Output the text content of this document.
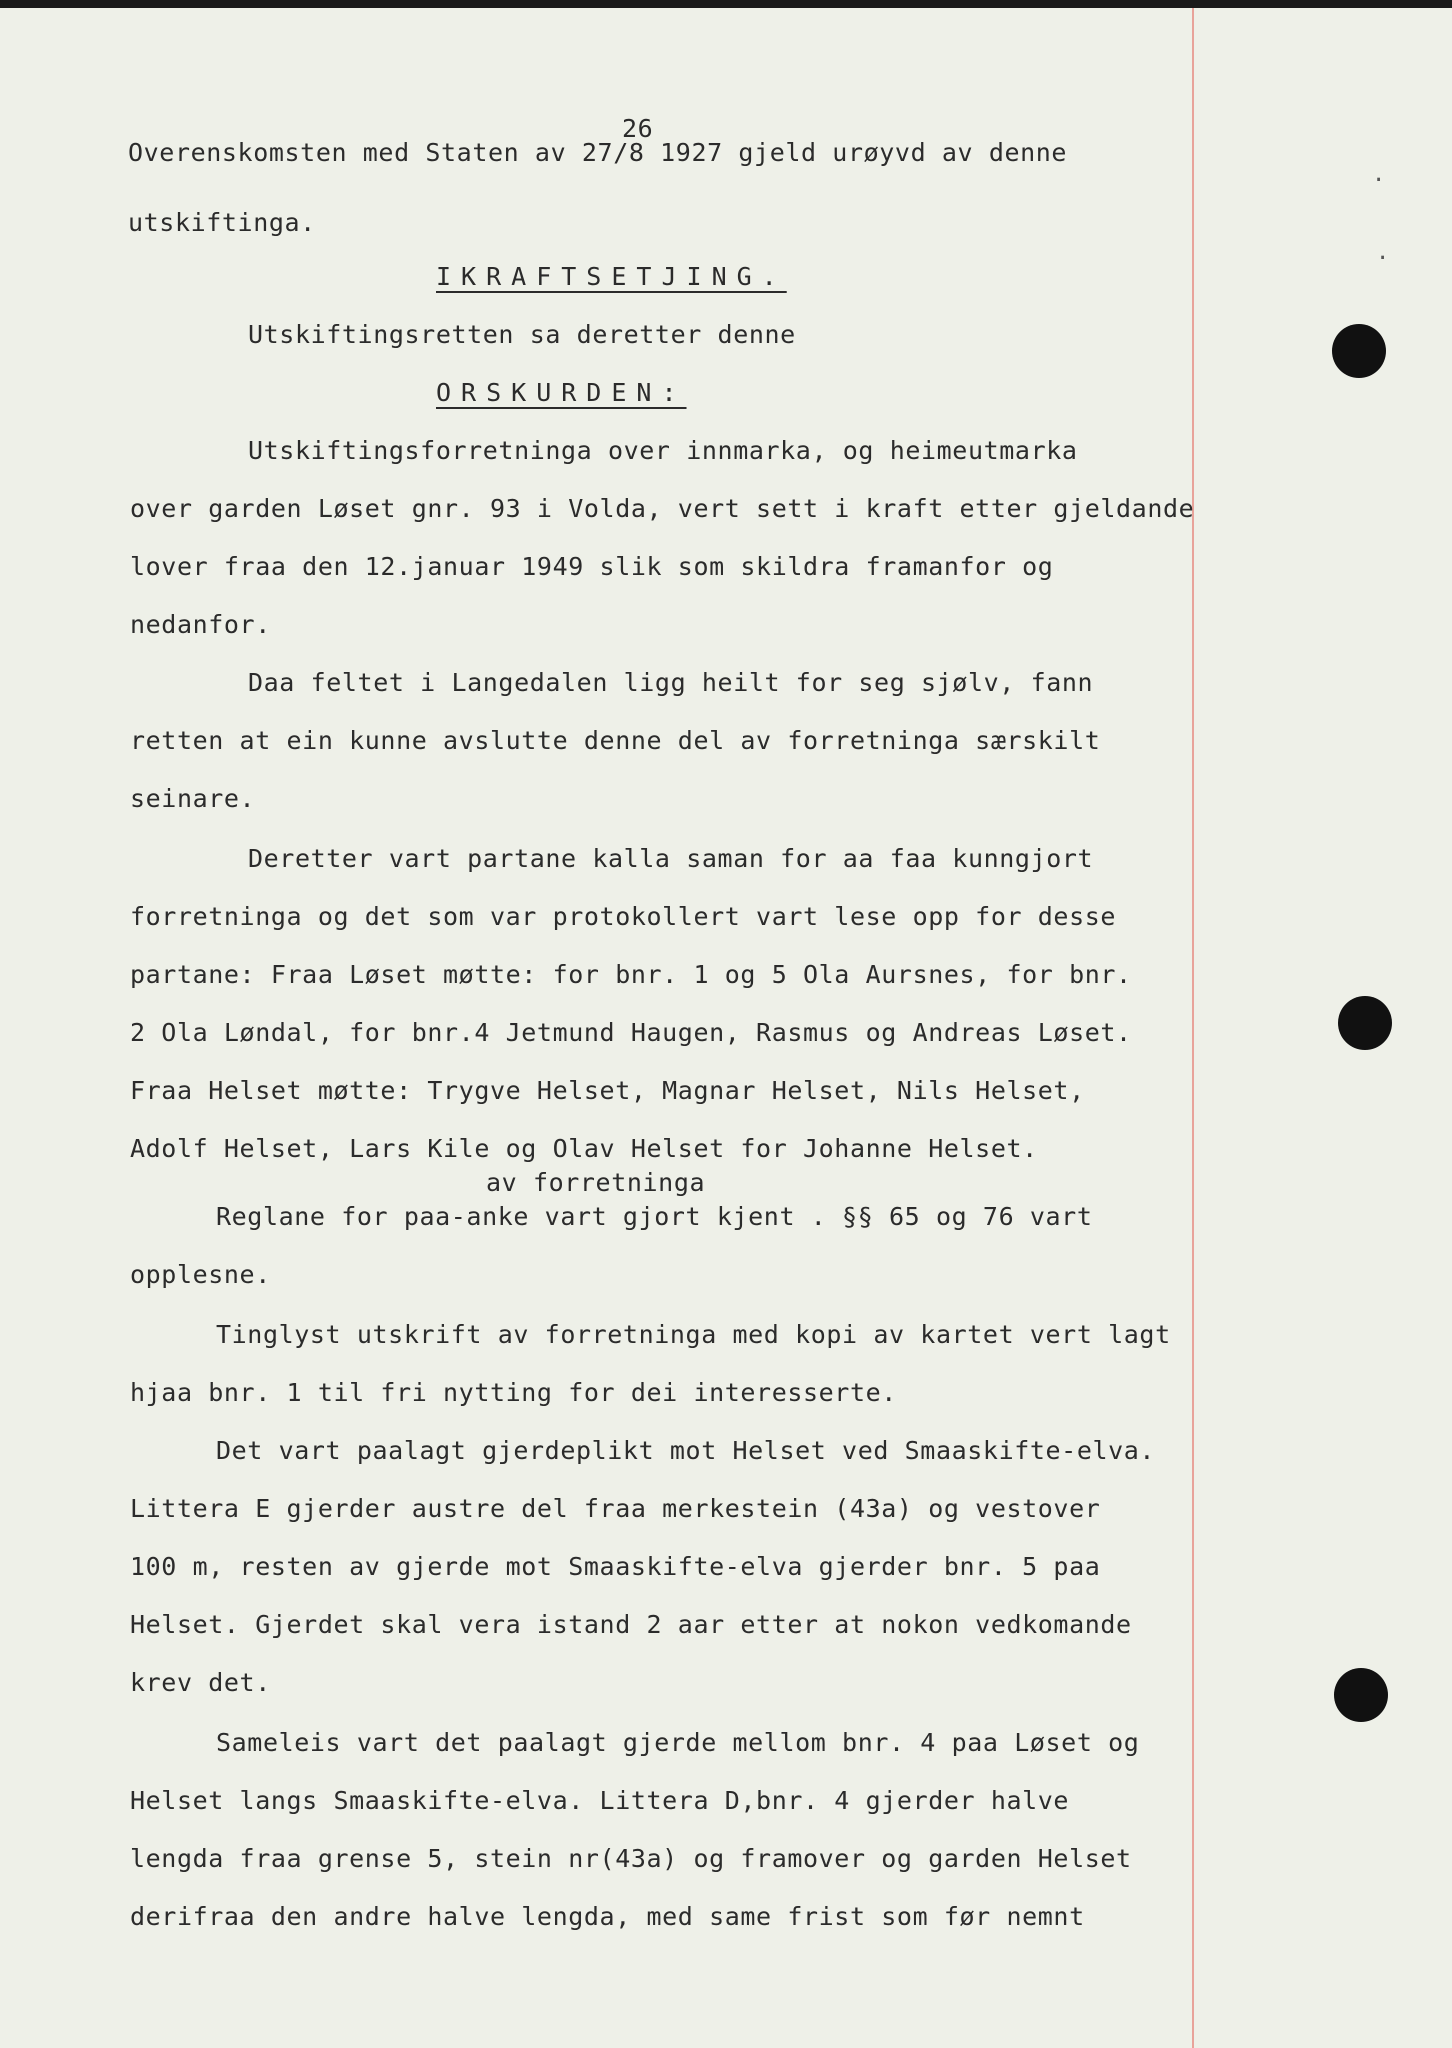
·
·
26
Overenskomsten med Staten av 27/8 1927 gjeld urøyvd av denne
utskiftinga.
IKRAFTSETJING.
Utskiftingsretten sa deretter denne
ORSKURDEN:
Utskiftingsforretninga over innmarka, og heimeutmarka
over garden Løset gnr. 93 i Volda, vert sett i kraft etter gjeldande
lover fraa den 12.januar 1949 slik som skildra framanfor og
nedanfor.
Daa feltet i Langedalen ligg heilt for seg sjølv, fann
retten at ein kunne avslutte denne del av forretninga særskilt
seinare.
Deretter vart partane kalla saman for aa faa kunngjort
forretninga og det som var protokollert vart lese opp for desse
partane: Fraa Løset møtte: for bnr. 1 og 5 Ola Aursnes, for bnr.
2 Ola Løndal, for bnr.4 Jetmund Haugen, Rasmus og Andreas Løset.
Fraa Helset møtte: Trygve Helset, Magnar Helset, Nils Helset,
Adolf Helset, Lars Kile og Olav Helset for Johanne Helset.
av forretninga
Reglane for paa-anke vart gjort kjent . §§ 65 og 76 vart
opplesne.
Tinglyst utskrift av forretninga med kopi av kartet vert lagt
hjaa bnr. 1 til fri nytting for dei interesserte.
Det vart paalagt gjerdeplikt mot Helset ved Smaaskifte-elva.
Littera E gjerder austre del fraa merkestein (43a) og vestover
100 m, resten av gjerde mot Smaaskifte-elva gjerder bnr. 5 paa
Helset. Gjerdet skal vera istand 2 aar etter at nokon vedkomande
krev det.
Sameleis vart det paalagt gjerde mellom bnr. 4 paa Løset og
Helset langs Smaaskifte-elva. Littera D,bnr. 4 gjerder halve
lengda fraa grense 5, stein nr(43a) og framover og garden Helset
derifraa den andre halve lengda, med same frist som før nemnt
